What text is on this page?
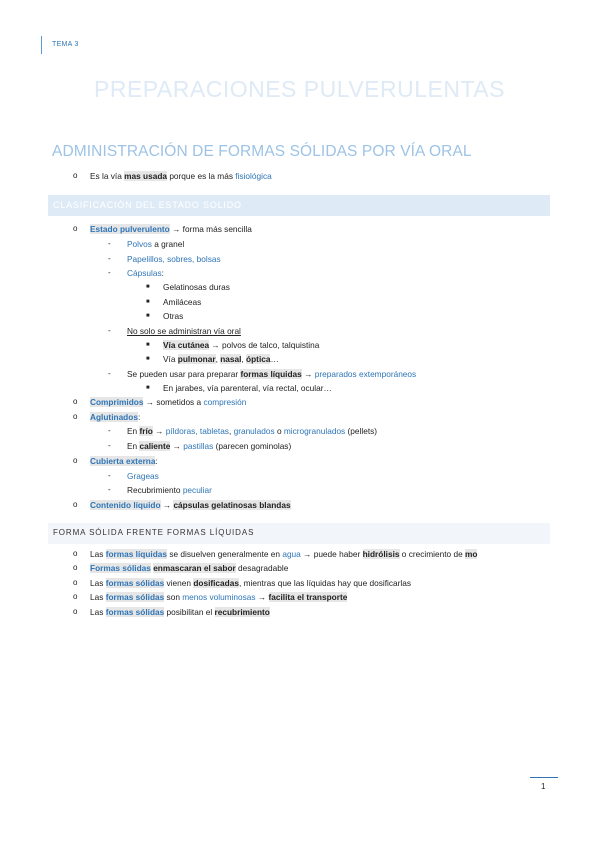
TEMA 3
PREPARACIONES PULVERULENTAS
ADMINISTRACIÓN DE FORMAS SÓLIDAS POR VÍA ORAL
o Es la vía mas usada porque es la más fisiológica
CLASIFICACIÓN DEL ESTADO SOLIDO
o Estado pulverulento → forma más sencilla
- Polvos a granel
- Papelillos, sobres, bolsas
- Cápsulas:
■ Gelatinosas duras
■ Amiláceas
■ Otras
- No solo se administran vía oral
■ Vía cutánea → polvos de talco, talquistina
■ Vía pulmonar, nasal, óptica…
- Se pueden usar para preparar formas líquidas → preparados extemporáneos
■ En jarabes, vía parenteral, vía rectal, ocular…
o Comprimidos → sometidos a compresión
o Aglutinados:
- En frío → píldoras, tabletas, granulados o microgranulados (pellets)
- En caliente → pastillas (parecen gominolas)
o Cubierta externa:
- Grageas
- Recubrimiento peculiar
o Contenido líquido → cápsulas gelatinosas blandas
FORMA SÓLIDA FRENTE FORMAS LÍQUIDAS
o Las formas líquidas se disuelven generalmente en agua → puede haber hidrólisis o crecimiento de mo
o Formas sólidas enmascaran el sabor desagradable
o Las formas sólidas vienen dosificadas, mientras que las líquidas hay que dosificarlas
o Las formas sólidas son menos voluminosas → facilita el transporte
o Las formas sólidas posibilitan el recubrimiento
1
